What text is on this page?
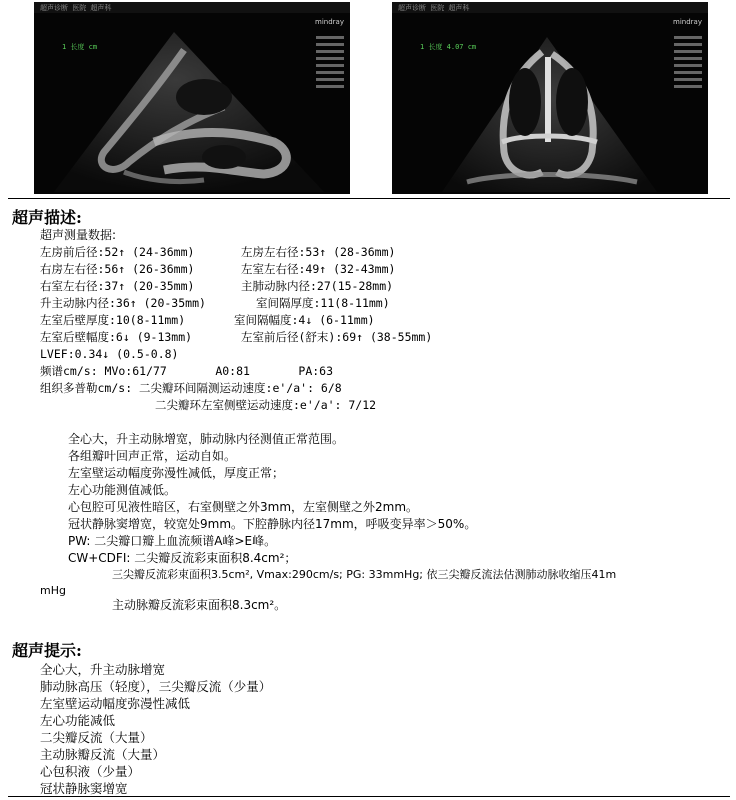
超声诊断 医院 超声科
mindray
1 长度 cm
超声诊断 医院 超声科
mindray
1 长度 4.07 cm
超声描述:
超声测量数据:
左房前后径:52↑ (24-36mm)	左房左右径:53↑ (28-36mm)
右房左右径:56↑ (26-36mm)	左室左右径:49↑ (32-43mm)
右室左右径:37↑ (20-35mm)	主肺动脉内径:27(15-28mm)
升主动脉内径:36↑ (20-35mm)	室间隔厚度:11(8-11mm)
左室后壁厚度:10(8-11mm)	室间隔幅度:4↓ (6-11mm)
左室后壁幅度:6↓ (9-13mm)	左室前后径(舒末):69↑ (38-55mm)
LVEF:0.34↓ (0.5-0.8)
频谱cm/s: MVo:61/77       A0:81       PA:63
组织多普勒cm/s: 二尖瓣环间隔测运动速度:e'/a': 6/8
二尖瓣环左室侧壁运动速度:e'/a': 7/12
全心大，升主动脉增宽，肺动脉内径测值正常范围。
各组瓣叶回声正常，运动自如。
左室壁运动幅度弥漫性减低，厚度正常；
左心功能测值减低。
心包腔可见液性暗区，右室侧壁之外3mm，左室侧壁之外2mm。
冠状静脉窦增宽，较宽处9mm。下腔静脉内径17mm，呼吸变异率＞50%。
PW: 二尖瓣口瓣上血流频谱A峰>E峰。
CW+CDFI: 二尖瓣反流彩束面积8.4cm²；
三尖瓣反流彩束面积3.5cm², Vmax:290cm/s; PG: 33mmHg; 依三尖瓣反流法估测肺动脉收缩压41m
mHg
主动脉瓣反流彩束面积8.3cm²。
超声提示:
全心大，升主动脉增宽
肺动脉高压（轻度），三尖瓣反流（少量）
左室壁运动幅度弥漫性减低
左心功能减低
二尖瓣反流（大量）
主动脉瓣反流（大量）
心包积液（少量）
冠状静脉窦增宽
